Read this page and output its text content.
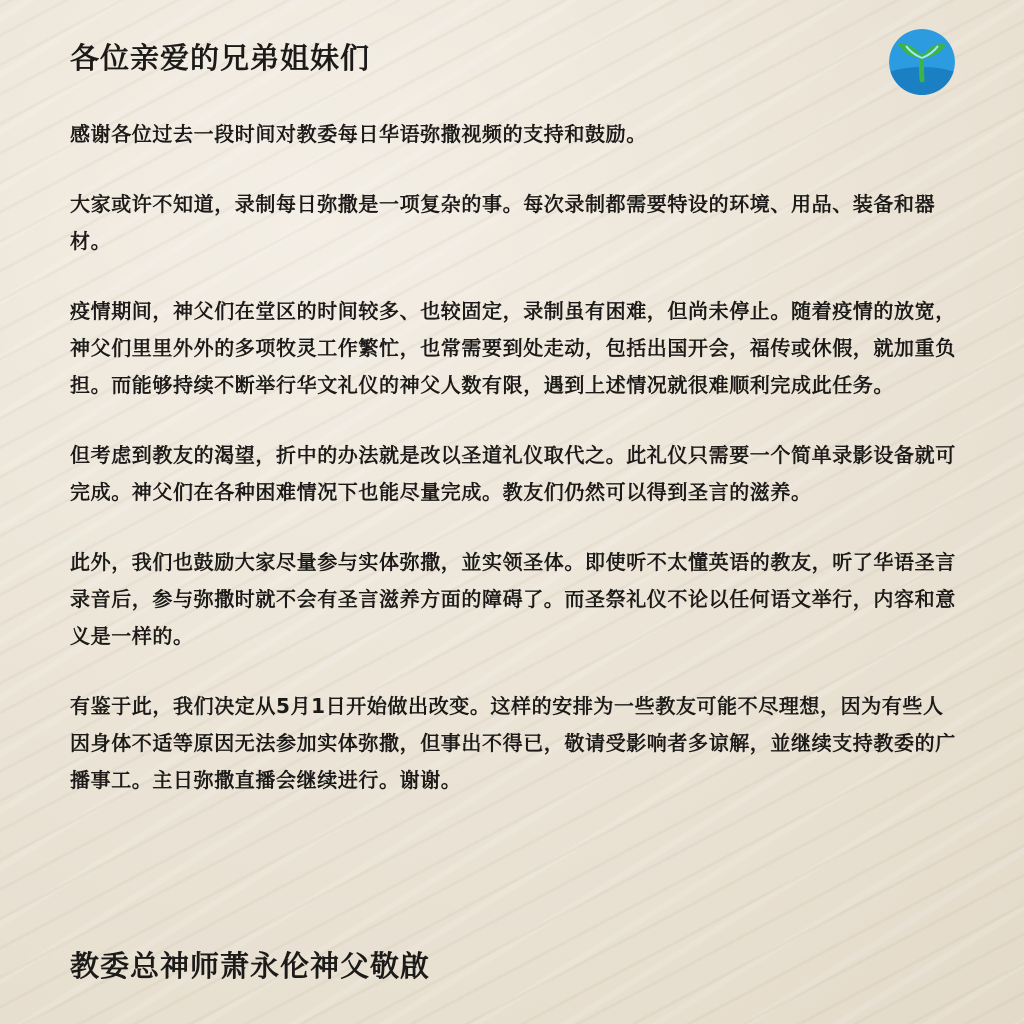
各位亲爱的兄弟姐妹们

感谢各位过去一段时间对教委每日华语弥撒视频的支持和鼓励。

大家或许不知道，录制每日弥撒是一项复杂的事。每次录制都需要特设的环境、用品、装备和器材。

疫情期间，神父们在堂区的时间较多、也较固定，录制虽有困难，但尚未停止。随着疫情的放宽，神父们里里外外的多项牧灵工作繁忙，也常需要到处走动，包括出国开会，福传或休假，就加重负担。而能够持续不断举行华文礼仪的神父人数有限，遇到上述情况就很难顺利完成此任务。

但考虑到教友的渴望，折中的办法就是改以圣道礼仪取代之。此礼仪只需要一个简单录影设备就可完成。神父们在各种困难情况下也能尽量完成。教友们仍然可以得到圣言的滋养。

此外，我们也鼓励大家尽量参与实体弥撒，並实领圣体。即使听不太懂英语的教友，听了华语圣言录音后，参与弥撒时就不会有圣言滋养方面的障碍了。而圣祭礼仪不论以任何语文举行，内容和意义是一样的。

有鉴于此，我们决定从5月1日开始做出改变。这样的安排为一些教友可能不尽理想，因为有些人因身体不适等原因无法参加实体弥撒，但事出不得已，敬请受影响者多谅解，並继续支持教委的广播事工。主日弥撒直播会继续进行。谢谢。

教委总神师萧永伦神父敬啟
